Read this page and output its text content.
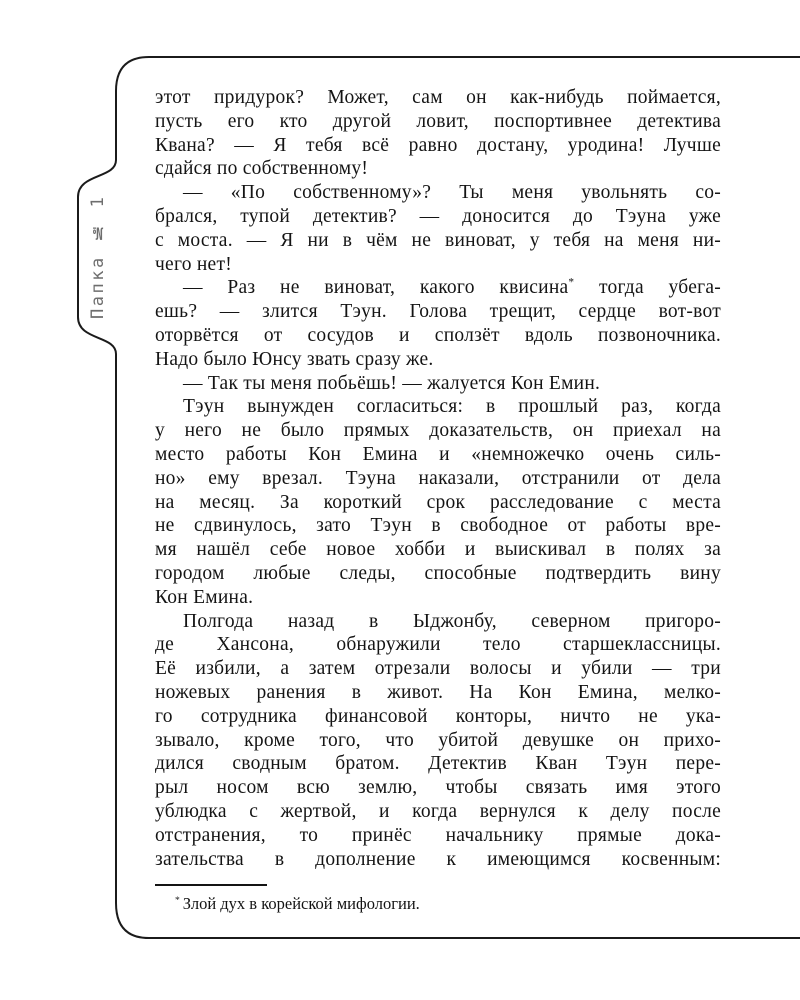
Папка № 1
этот придурок? Может, сам он как-нибудь поймается,
пусть его кто другой ловит, поспортивнее детектива
Квана? — Я тебя всё равно достану, уродина! Лучше
сдайся по собственному!
— «По собственному»? Ты меня увольнять со-
брался, тупой детектив? — доносится до Тэуна уже
с моста. — Я ни в чём не виноват, у тебя на меня ни-
чего нет!
— Раз не виноват, какого квисина* тогда убега-
ешь? — злится Тэун. Голова трещит, сердце вот-вот
оторвётся от сосудов и сползёт вдоль позвоночника.
Надо было Юнсу звать сразу же.
— Так ты меня побьёшь! — жалуется Кон Емин.
Тэун вынужден согласиться: в прошлый раз, когда
у него не было прямых доказательств, он приехал на
место работы Кон Емина и «немножечко очень силь-
но» ему врезал. Тэуна наказали, отстранили от дела
на месяц. За короткий срок расследование с места
не сдвинулось, зато Тэун в свободное от работы вре-
мя нашёл себе новое хобби и выискивал в полях за
городом любые следы, способные подтвердить вину
Кон Емина.
Полгода назад в Ыджонбу, северном пригоро-
де Хансона, обнаружили тело старшеклассницы.
Её избили, а затем отрезали волосы и убили — три
ножевых ранения в живот. На Кон Емина, мелко-
го сотрудника финансовой конторы, ничто не ука-
зывало, кроме того, что убитой девушке он прихо-
дился сводным братом. Детектив Кван Тэун пере-
рыл носом всю землю, чтобы связать имя этого
ублюдка с жертвой, и когда вернулся к делу после
отстранения, то принёс начальнику прямые дока-
зательства в дополнение к имеющимся косвенным:
* Злой дух в корейской мифологии.
